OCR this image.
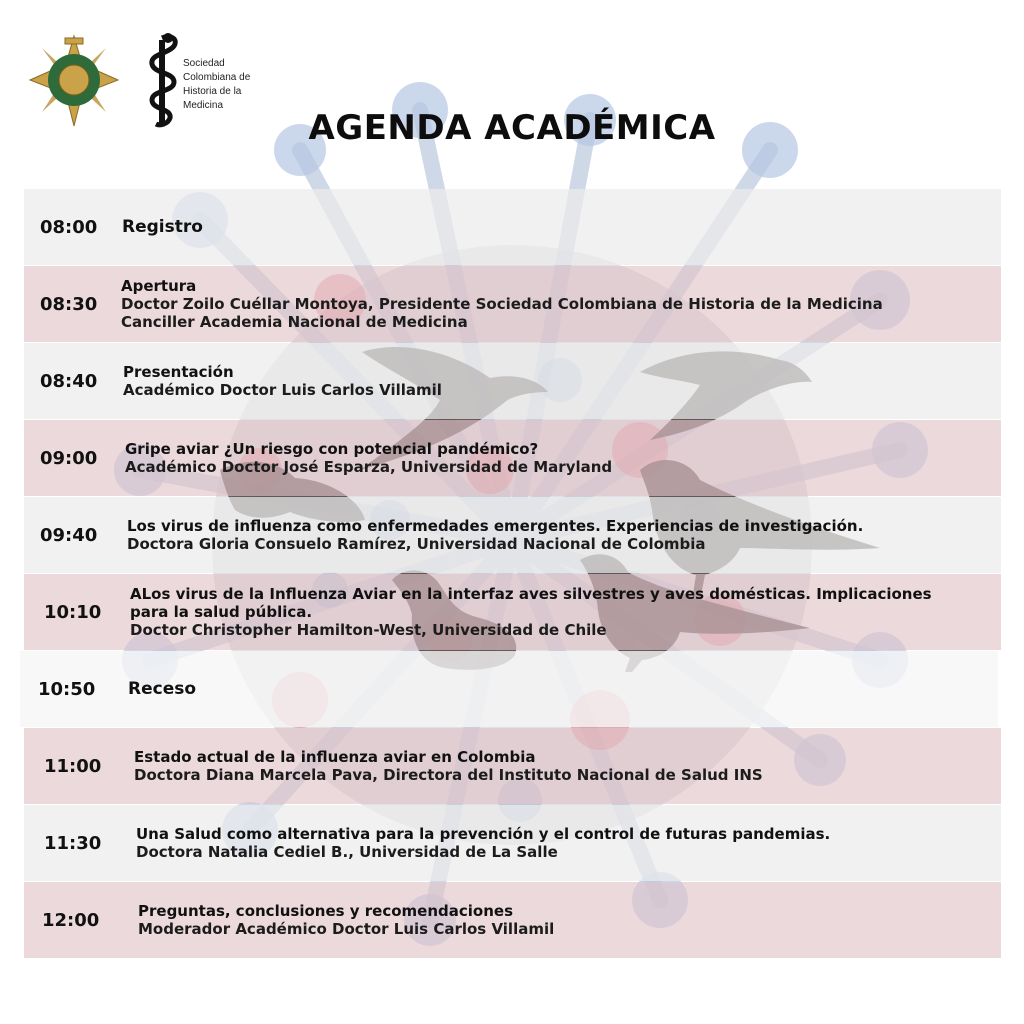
Sociedad
Colombiana de
Historia de la
Medicina
AGENDA ACADÉMICA
08:00 Registro
08:30
Apertura
Doctor Zoilo Cuéllar Montoya, Presidente Sociedad Colombiana de Historia de la Medicina
Canciller Academia Nacional de Medicina
08:40 Presentación
Académico Doctor Luis Carlos Villamil
09:00 Gripe aviar ¿Un riesgo con potencial pandémico?
Académico Doctor José Esparza, Universidad de Maryland
09:40 Los virus de influenza como enfermedades emergentes. Experiencias de investigación.
Doctora Gloria Consuelo Ramírez, Universidad Nacional de Colombia
10:10
ALos virus de la Influenza Aviar en la interfaz aves silvestres y aves domésticas. Implicaciones
para la salud pública.
Doctor Christopher Hamilton-West, Universidad de Chile
10:50 Receso
11:00 Estado actual de la influenza aviar en Colombia
Doctora Diana Marcela Pava, Directora del Instituto Nacional de Salud INS
11:30 Una Salud como alternativa para la prevención y el control de futuras pandemias.
Doctora Natalia Cediel B., Universidad de La Salle
12:00	Preguntas, conclusiones y recomendaciones
Moderador Académico Doctor Luis Carlos Villamil
